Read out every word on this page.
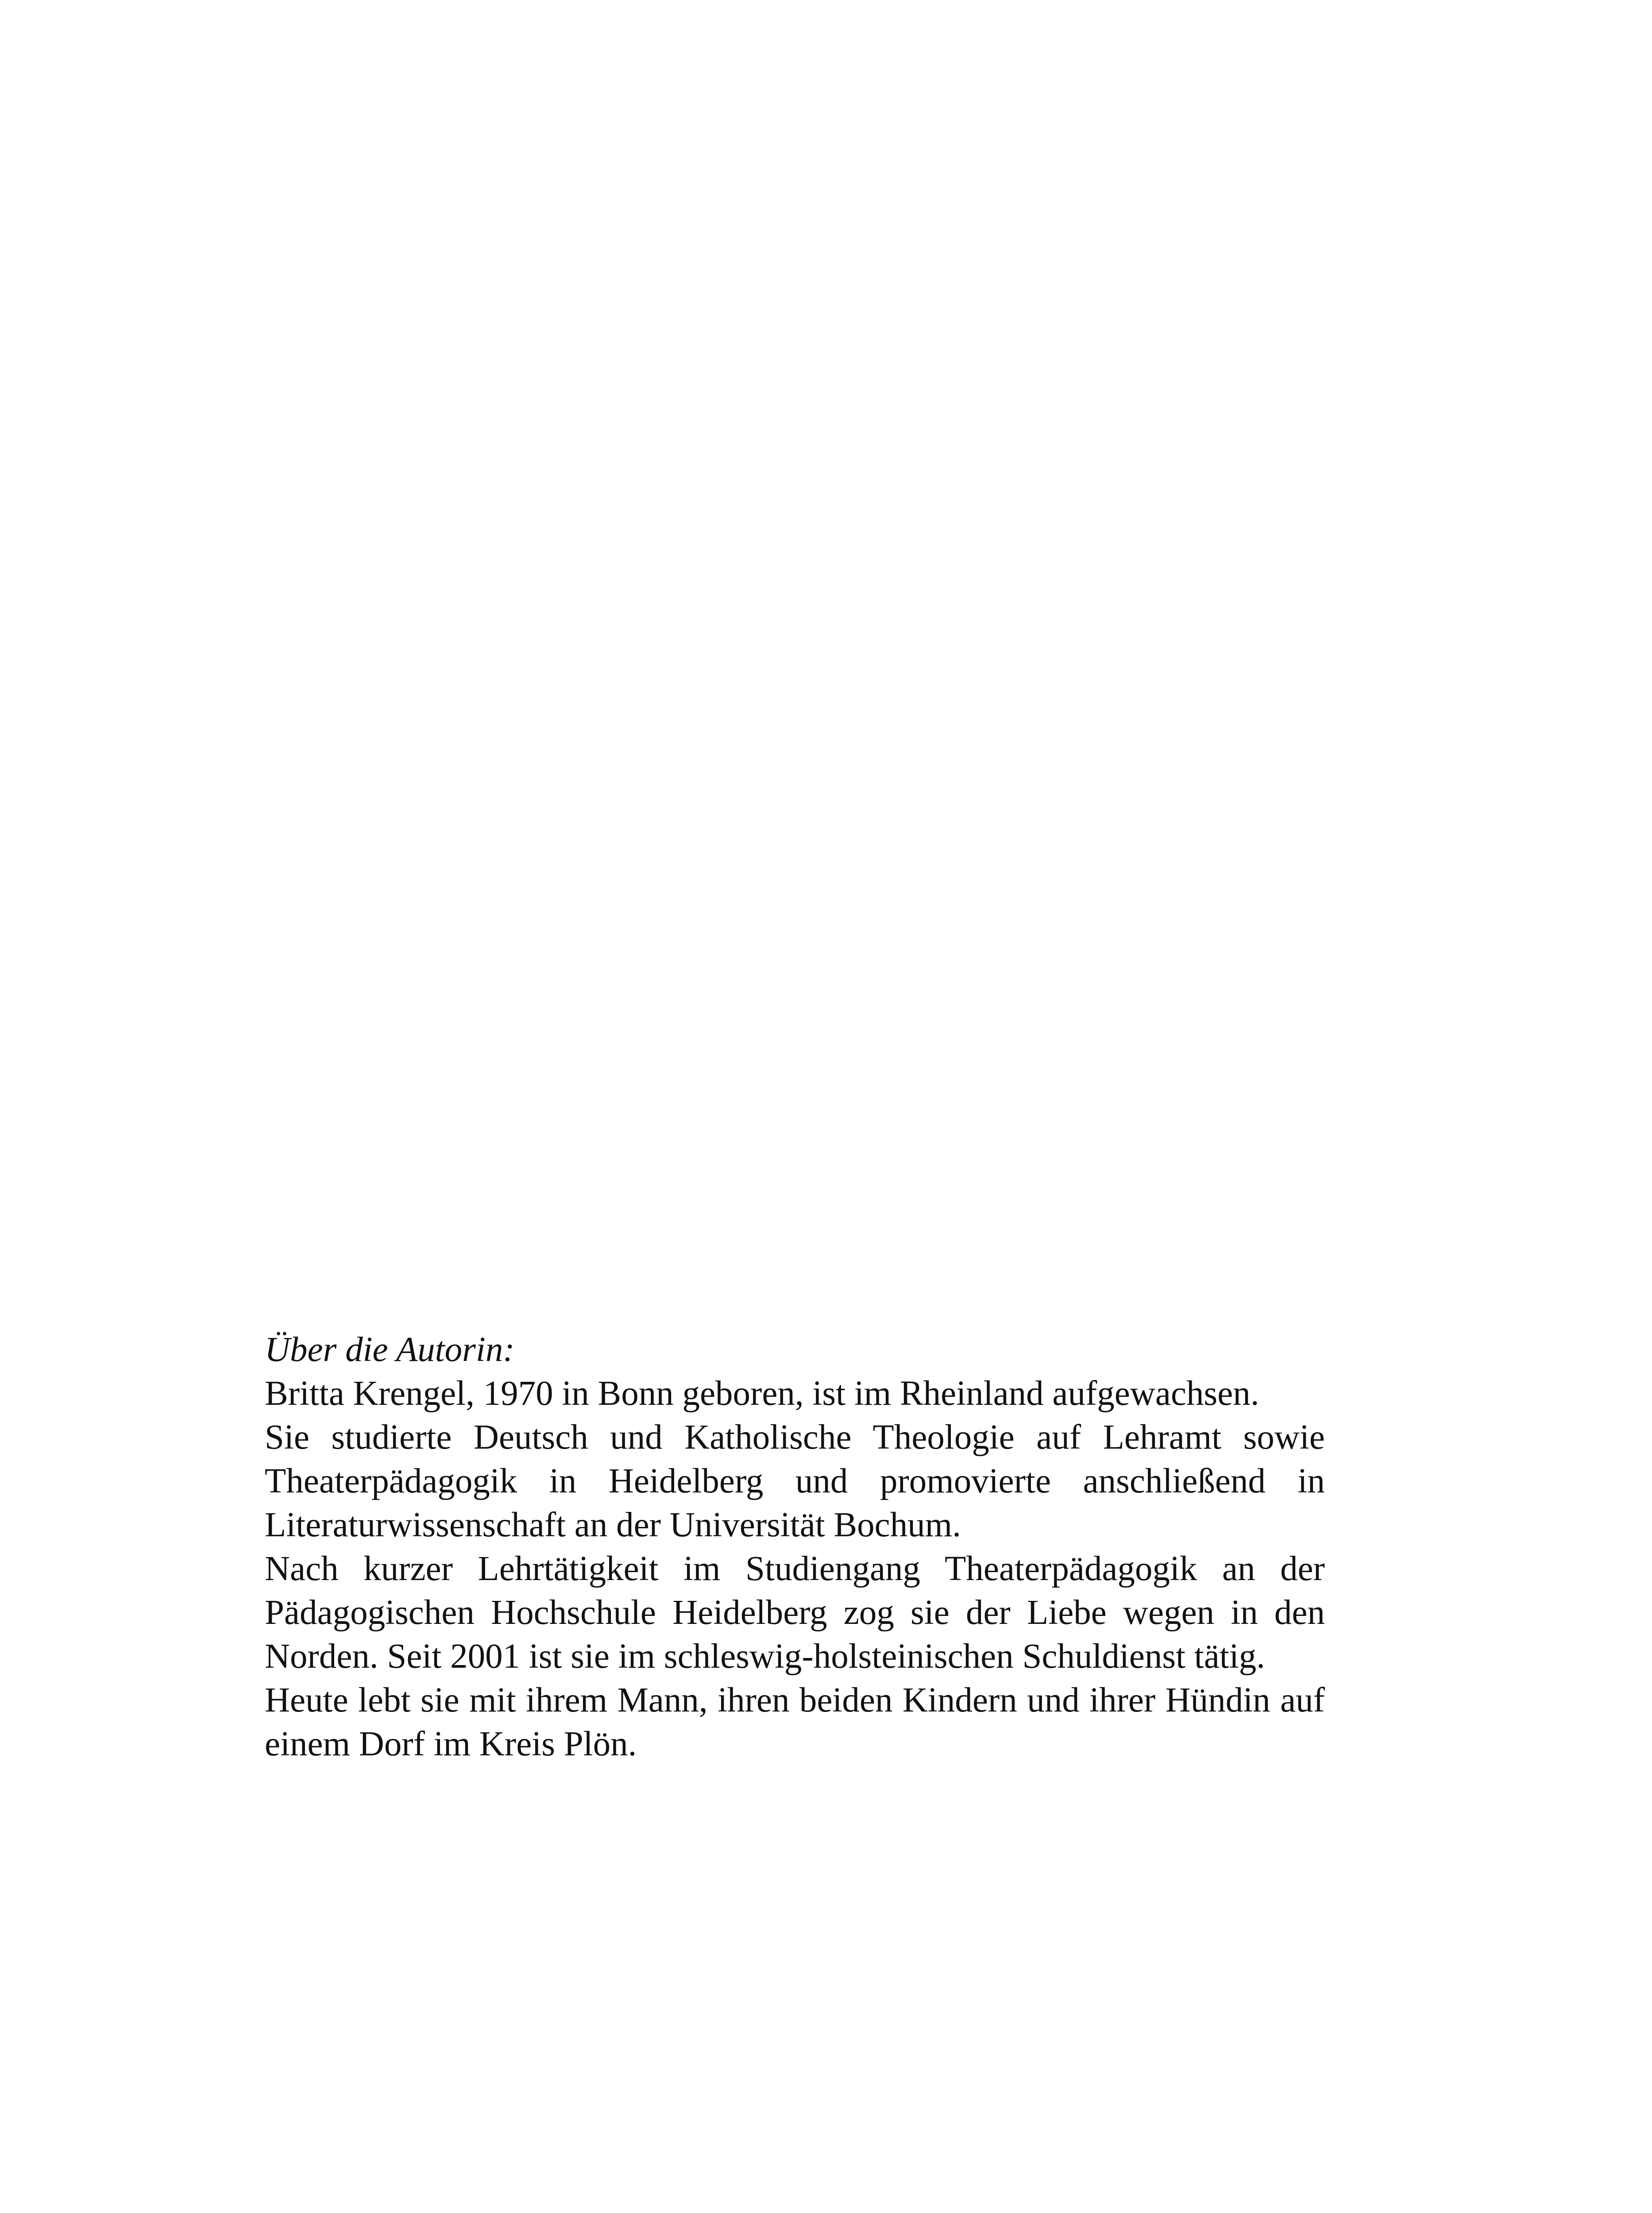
Über die Autorin:

Britta Krengel, 1970 in Bonn geboren, ist im Rheinland aufgewachsen.

Sie studierte Deutsch und Katholische Theologie auf Lehramt sowie Theaterpädagogik in Heidelberg und promovierte anschließend in Literaturwissenschaft an der Universität Bochum.

Nach kurzer Lehrtätigkeit im Studiengang Theaterpädagogik an der Pädagogischen Hochschule Heidelberg zog sie der Liebe wegen in den Norden. Seit 2001 ist sie im schleswig-holsteinischen Schuldienst tätig.

Heute lebt sie mit ihrem Mann, ihren beiden Kindern und ihrer Hündin auf einem Dorf im Kreis Plön.
